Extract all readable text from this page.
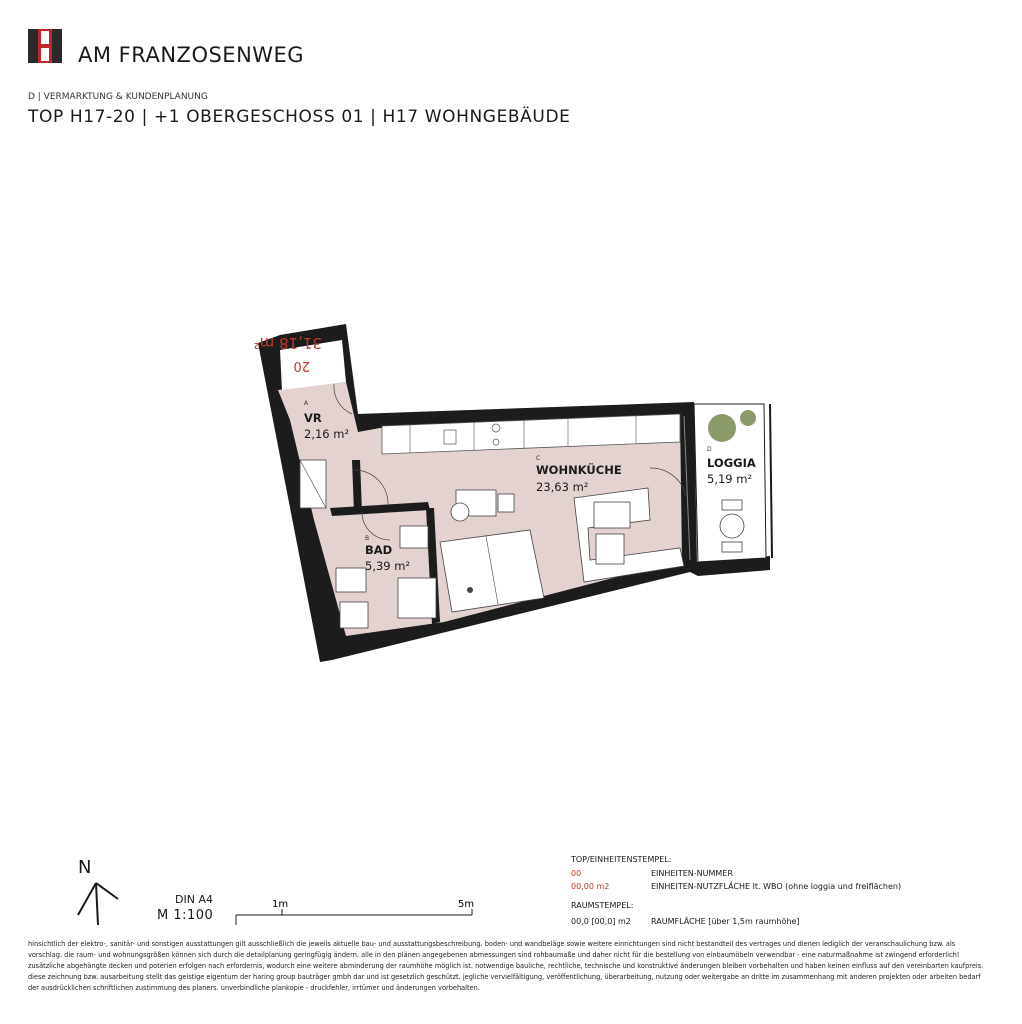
AM FRANZOSENWEG
D | VERMARKTUNG & KUNDENPLANUNG
TOP H17-20 | +1 OBERGESCHOSS 01 | H17 WOHNGEBÄUDE
31,18 m²
20
A
VR
2,16 m²
B
BAD
5,39 m²
C
WOHNKÜCHE
23,63 m²
D
LOGGIA
5,19 m²
N
DIN A4
M 1:100
1m	5m
TOP/EINHEITENSTEMPEL:
00	EINHEITEN-NUMMER
00,00 m2	EINHEITEN-NUTZFLÄCHE lt. WBO (ohne loggia und freiflächen)
RAUMSTEMPEL:
00,0 [00,0] m2	RAUMFLÄCHE [über 1,5m raumhöhe]
hinsichtlich der elektro-, sanitär- und sonstigen ausstattungen gilt ausschließlich die jeweils aktuelle bau- und ausstattungsbeschreibung. boden- und wandbeläge sowie weitere einrichtungen sind nicht bestandteil des vertrages und dienen lediglich der veranschaulichung bzw. als
vorschlag. die raum- und wohnungsgrößen können sich durch die detailplanung geringfügig ändern. alle in den plänen angegebenen abmessungen sind rohbaumaße und daher nicht für die bestellung von einbaumöbeln verwendbar - eine naturmaßnahme ist zwingend erforderlich!
zusätzliche abgehängte decken und poterien erfolgen nach erfordernis, wodurch eine weitere abminderung der raumhöhe möglich ist. notwendige bauliche, rechtliche, technische und konstruktive änderungen bleiben vorbehalten und haben keinen einfluss auf den vereinbarten kaufpreis.
diese zeichnung bzw. ausarbeitung stellt das geistige eigentum der haring group bauträger gmbh dar und ist gesetzlich geschützt. jegliche vervielfältigung, veröffentlichung, überarbeitung, nutzung oder weitergabe an dritte im zusammenhang mit anderen projekten oder arbeiten bedarf
der ausdrücklichen schriftlichen zustimmung des planers. unverbindliche plankopie - druckfehler, irrtümer und änderungen vorbehalten.
